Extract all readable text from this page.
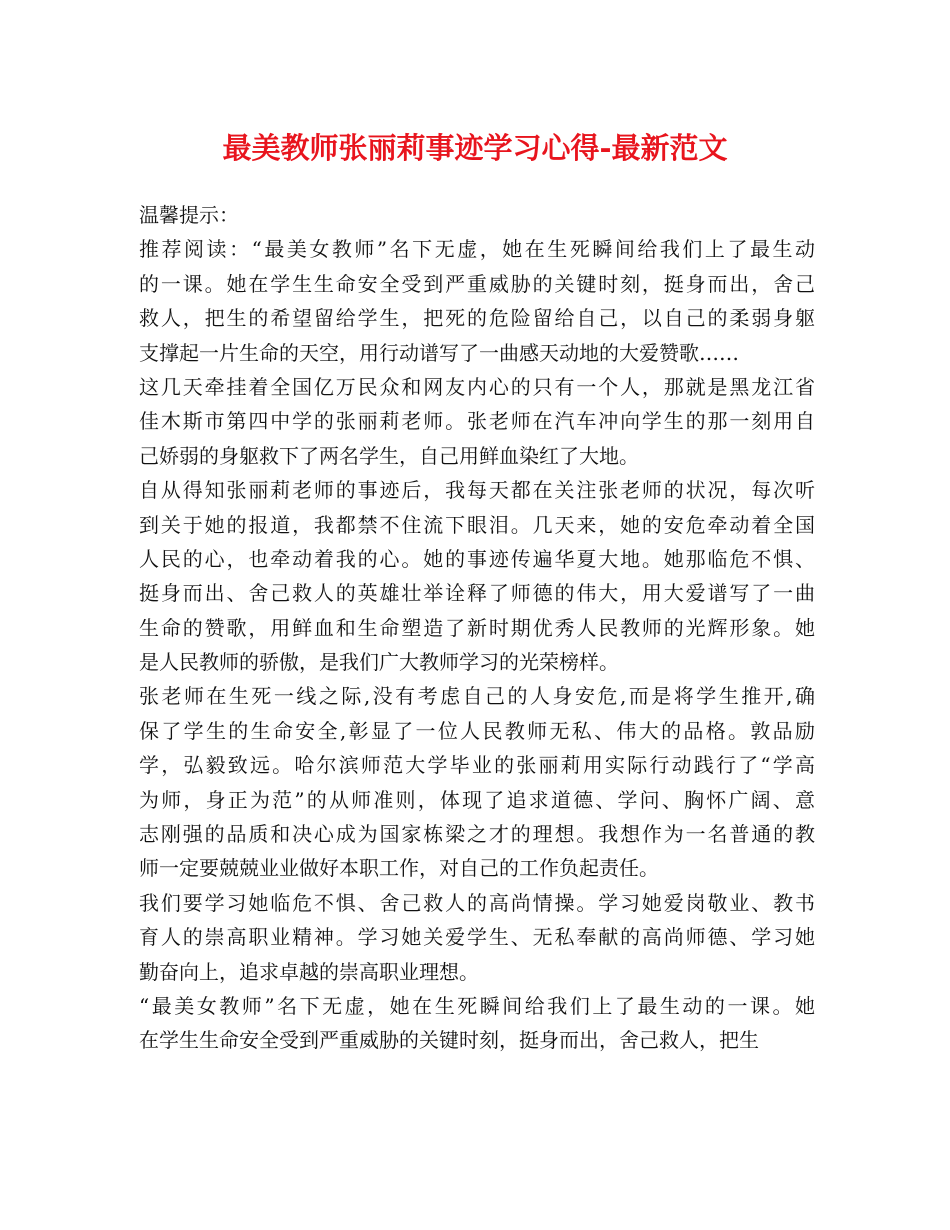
最美教师张丽莉事迹学习心得-最新范文
温馨提示：
推荐阅读：“最美女教师”名下无虚，她在生死瞬间给我们上了最生动
的一课。她在学生生命安全受到严重威胁的关键时刻，挺身而出，舍己
救人，把生的希望留给学生，把死的危险留给自己，以自己的柔弱身躯
支撑起一片生命的天空，用行动谱写了一曲感天动地的大爱赞歌……
这几天牵挂着全国亿万民众和网友内心的只有一个人，那就是黑龙江省
佳木斯市第四中学的张丽莉老师。张老师在汽车冲向学生的那一刻用自
己娇弱的身躯救下了两名学生，自己用鲜血染红了大地。
自从得知张丽莉老师的事迹后，我每天都在关注张老师的状况，每次听
到关于她的报道，我都禁不住流下眼泪。几天来，她的安危牵动着全国
人民的心，也牵动着我的心。她的事迹传遍华夏大地。她那临危不惧、
挺身而出、舍己救人的英雄壮举诠释了师德的伟大，用大爱谱写了一曲
生命的赞歌，用鲜血和生命塑造了新时期优秀人民教师的光辉形象。她
是人民教师的骄傲，是我们广大教师学习的光荣榜样。
张老师在生死一线之际,没有考虑自己的人身安危,而是将学生推开,确
保了学生的生命安全,彰显了一位人民教师无私、伟大的品格。敦品励
学，弘毅致远。哈尔滨师范大学毕业的张丽莉用实际行动践行了“学高
为师，身正为范”的从师准则，体现了追求道德、学问、胸怀广阔、意
志刚强的品质和决心成为国家栋梁之才的理想。我想作为一名普通的教
师一定要兢兢业业做好本职工作，对自己的工作负起责任。
我们要学习她临危不惧、舍己救人的高尚情操。学习她爱岗敬业、教书
育人的崇高职业精神。学习她关爱学生、无私奉献的高尚师德、学习她
勤奋向上，追求卓越的崇高职业理想。
“最美女教师”名下无虚，她在生死瞬间给我们上了最生动的一课。她
在学生生命安全受到严重威胁的关键时刻，挺身而出，舍己救人，把生
